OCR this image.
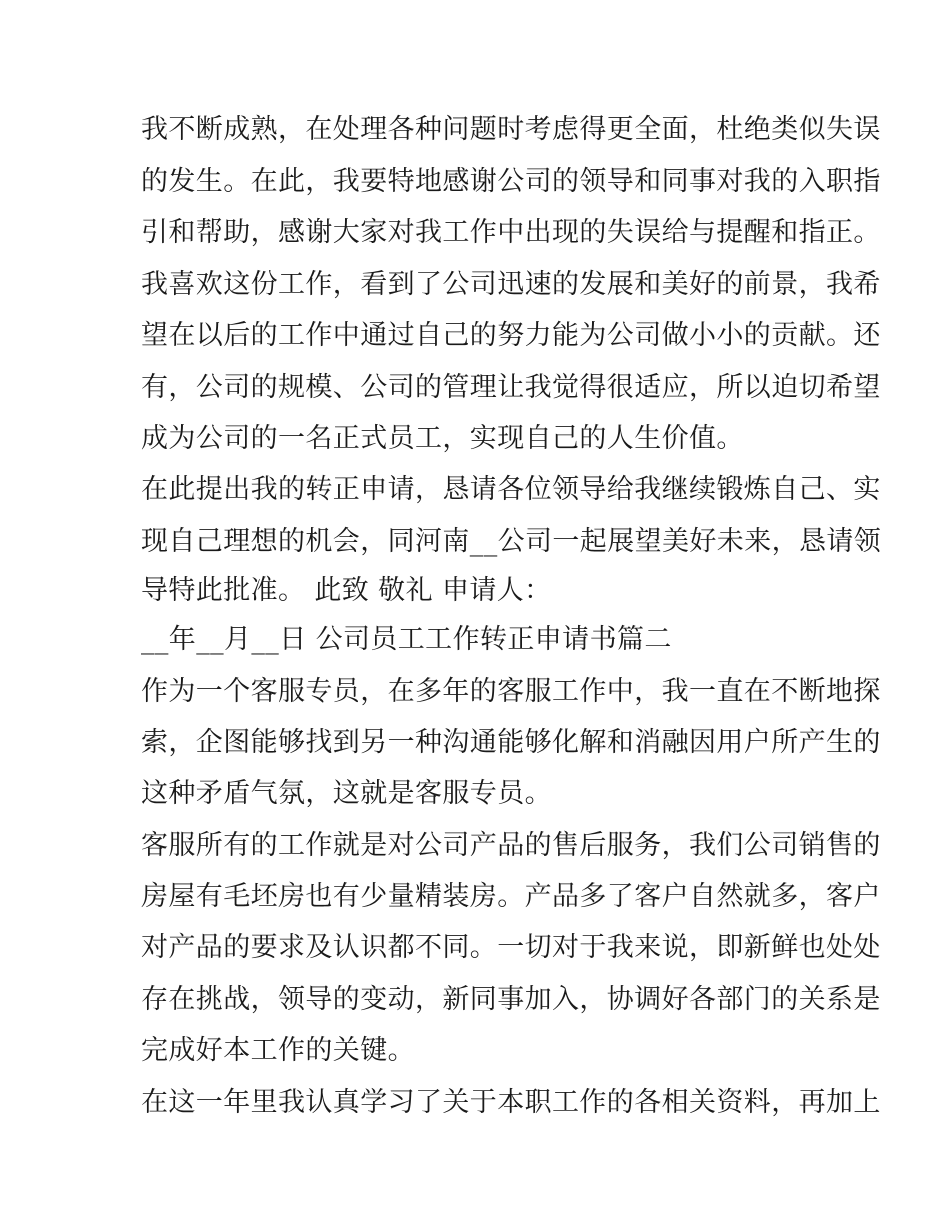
我不断成熟，在处理各种问题时考虑得更全面，杜绝类似失误

的发生。在此，我要特地感谢公司的领导和同事对我的入职指

引和帮助，感谢大家对我工作中出现的失误给与提醒和指正。

我喜欢这份工作，看到了公司迅速的发展和美好的前景，我希

望在以后的工作中通过自己的努力能为公司做小小的贡献。还

有，公司的规模、公司的管理让我觉得很适应，所以迫切希望

成为公司的一名正式员工，实现自己的人生价值。

在此提出我的转正申请，恳请各位领导给我继续锻炼自己、实

现自己理想的机会，同河南__公司一起展望美好未来，恳请领

导特此批准。 此致 敬礼 申请人：

__年__月__日 公司员工工作转正申请书篇二

作为一个客服专员，在多年的客服工作中，我一直在不断地探

索，企图能够找到另一种沟通能够化解和消融因用户所产生的

这种矛盾气氛，这就是客服专员。

客服所有的工作就是对公司产品的售后服务，我们公司销售的

房屋有毛坯房也有少量精装房。产品多了客户自然就多，客户

对产品的要求及认识都不同。一切对于我来说，即新鲜也处处

存在挑战，领导的变动，新同事加入，协调好各部门的关系是

完成好本工作的关键。

在这一年里我认真学习了关于本职工作的各相关资料，再加上
